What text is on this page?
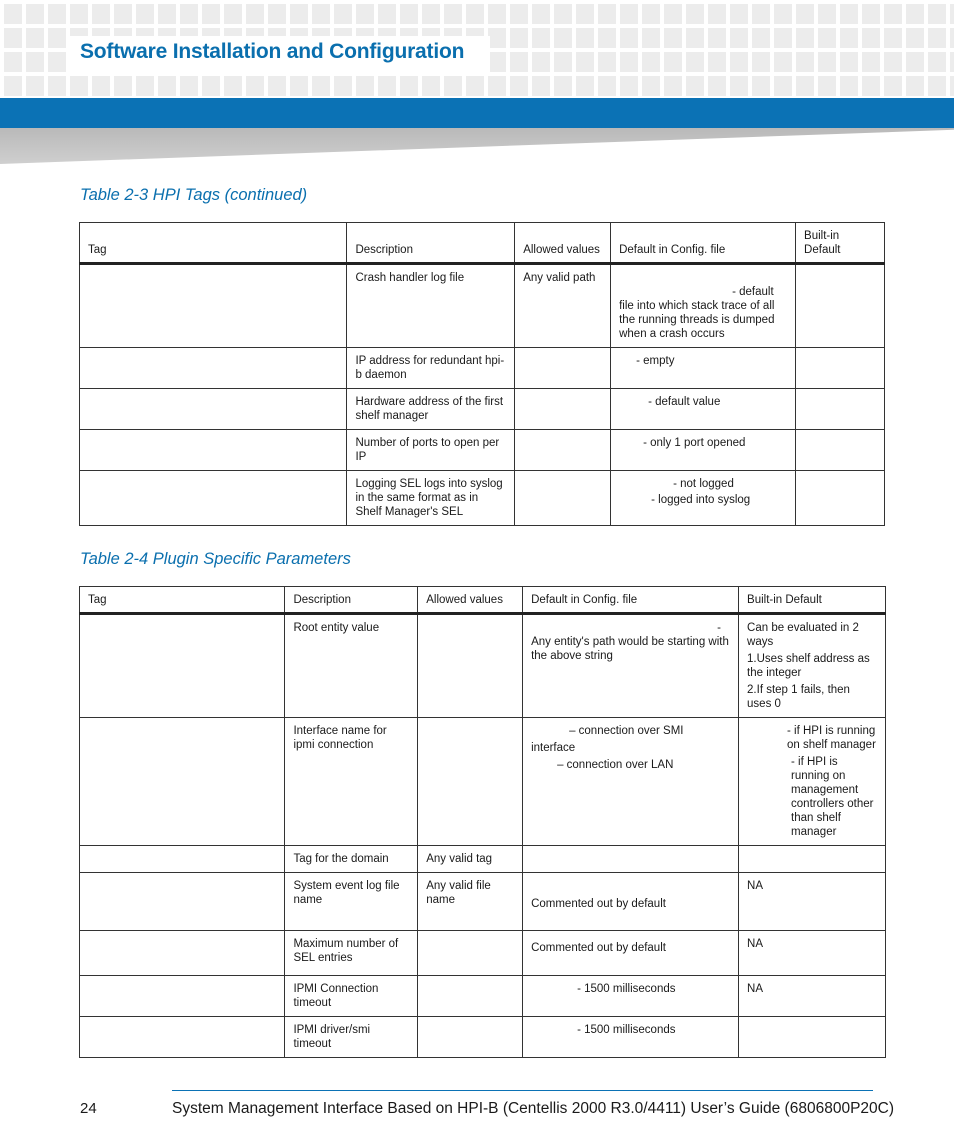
Software Installation and Configuration
Table 2-3 HPI Tags (continued)
Tag	Description	Allowed values	Default in Config. file	Built-in Default
	Crash handler log file	Any valid path	- default
file into which stack trace of all
the running threads is dumped
when a crash occurs	

	IP address for redundant hpi-b daemon		- empty	

	Hardware address of the first shelf manager		- default value	

	Number of ports to open per IP		- only 1 port opened	

	Logging SEL logs into syslog in the same format as in Shelf Manager's SEL		- not logged
- logged into syslog	

Table 2-4 Plugin Specific Parameters
Tag	Description	Allowed values	Default in Config. file	Built-in Default
	Root entity value		-
Any entity's path would be starting with the above string	Can be evaluated in 2 ways
1.Uses shelf address as the integer
2.If step 1 fails, then uses 0

	Interface name for ipmi connection		– connection over SMI
interface
– connection over LAN	- if HPI is running on shelf manager
- if HPI is running on management controllers other than shelf manager

	Tag for the domain	Any valid tag	

	System event log file name	Any valid file name	Commented out by default	NA

	Maximum number of SEL entries		Commented out by default	NA

	IPMI Connection timeout		- 1500 milliseconds	NA

	IPMI driver/smi timeout		- 1500 milliseconds	

24	System Management Interface Based on HPI-B (Centellis 2000 R3.0/4411) User’s Guide (6806800P20C)
